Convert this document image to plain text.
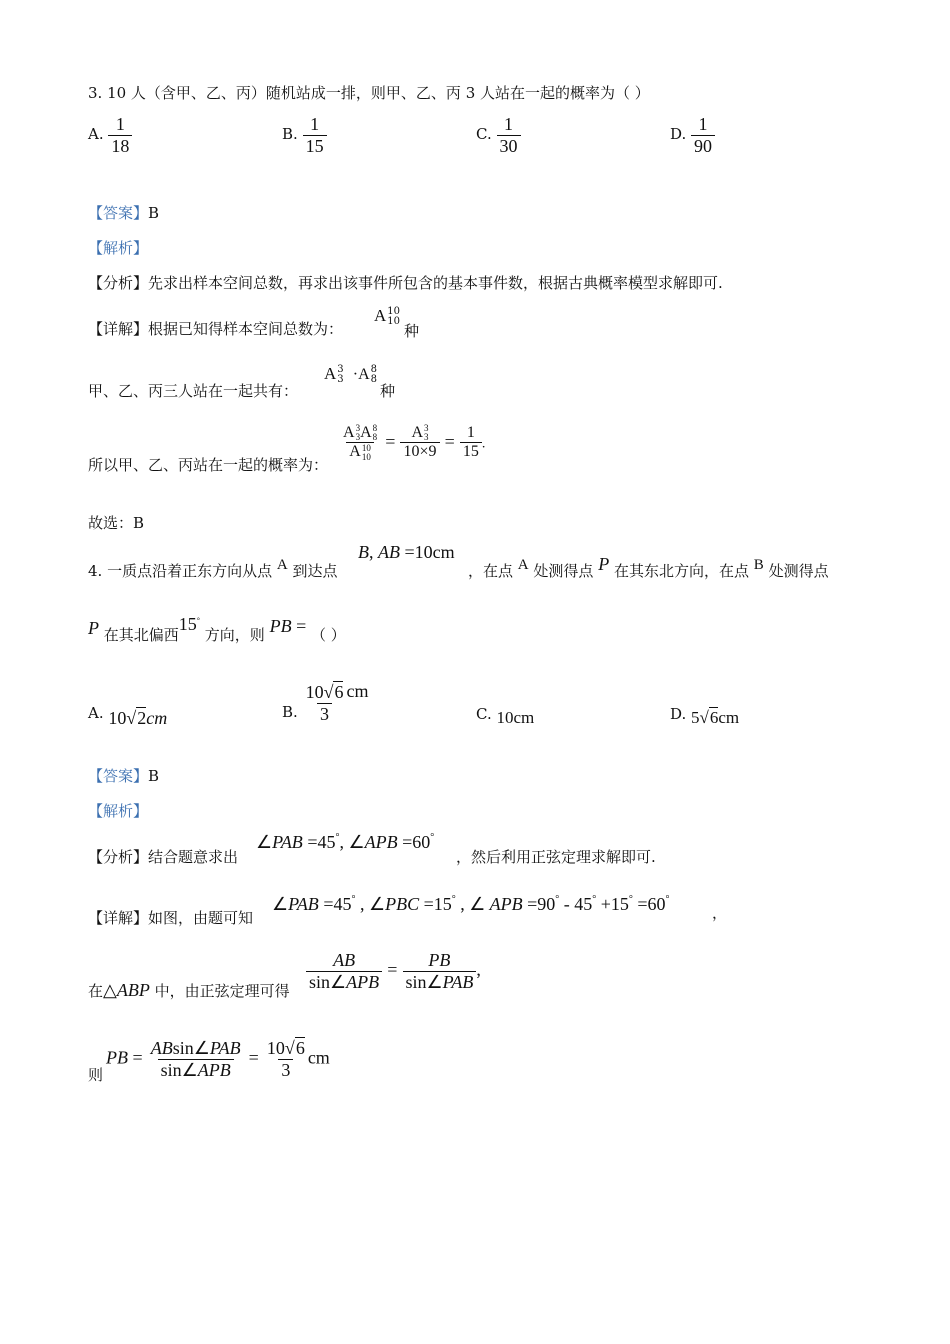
3. 10 人（含甲、乙、丙）随机站成一排，则甲、乙、丙 3 人站在一起的概率为（ ）
A. $\frac{1}{18}$	B. $\frac{1}{15}$	C. $\frac{1}{30}$	D. $\frac{1}{90}$
【答案】B
【解析】
【分析】先求出样本空间总数，再求出该事件所包含的基本事件数，根据古典概率模型求解即可.
【详解】根据已知得样本空间总数为：
A 10
10
种
甲、乙、丙三人站在一起共有：
A 3
3 ·A 8
8
种
所以甲、乙、丙站在一起的概率为：
A 3
3 A 8
8
A 10
10 = A 3
3
$10\times 9 = \frac{1}{15}$ .
故选：B
4. 一质点沿着正东方向从点 A 到达点
B, AB =10cm
，在点 A 处测得点 P 在其东北方向，在点 B 处测得点
P 在其北偏西15° 方向，则 PB = （ ）
A. 10√2cm	B. $\frac{10√6}{3}$ cm
C. 10cm	D. 5√6cm
【答案】B
【解析】
【分析】结合题意求出
∠PAB =45°, ∠APB =60°
，然后利用正弦定理求解即可.
【详解】如图，由题可知
∠PAB =45° , ∠PBC =15° , ∠ APB =90° - 45° +15° =60°
，
在△ABP 中，由正弦定理可得 $\frac{AB}{\text{sin∠APB}} = \frac{PB}{\text{sin∠PAB}}$ ,
则
PB = $\frac{\text{ABsin∠PAB}}{\text{sin∠APB}} = \frac{10√6}{3}$ cm
